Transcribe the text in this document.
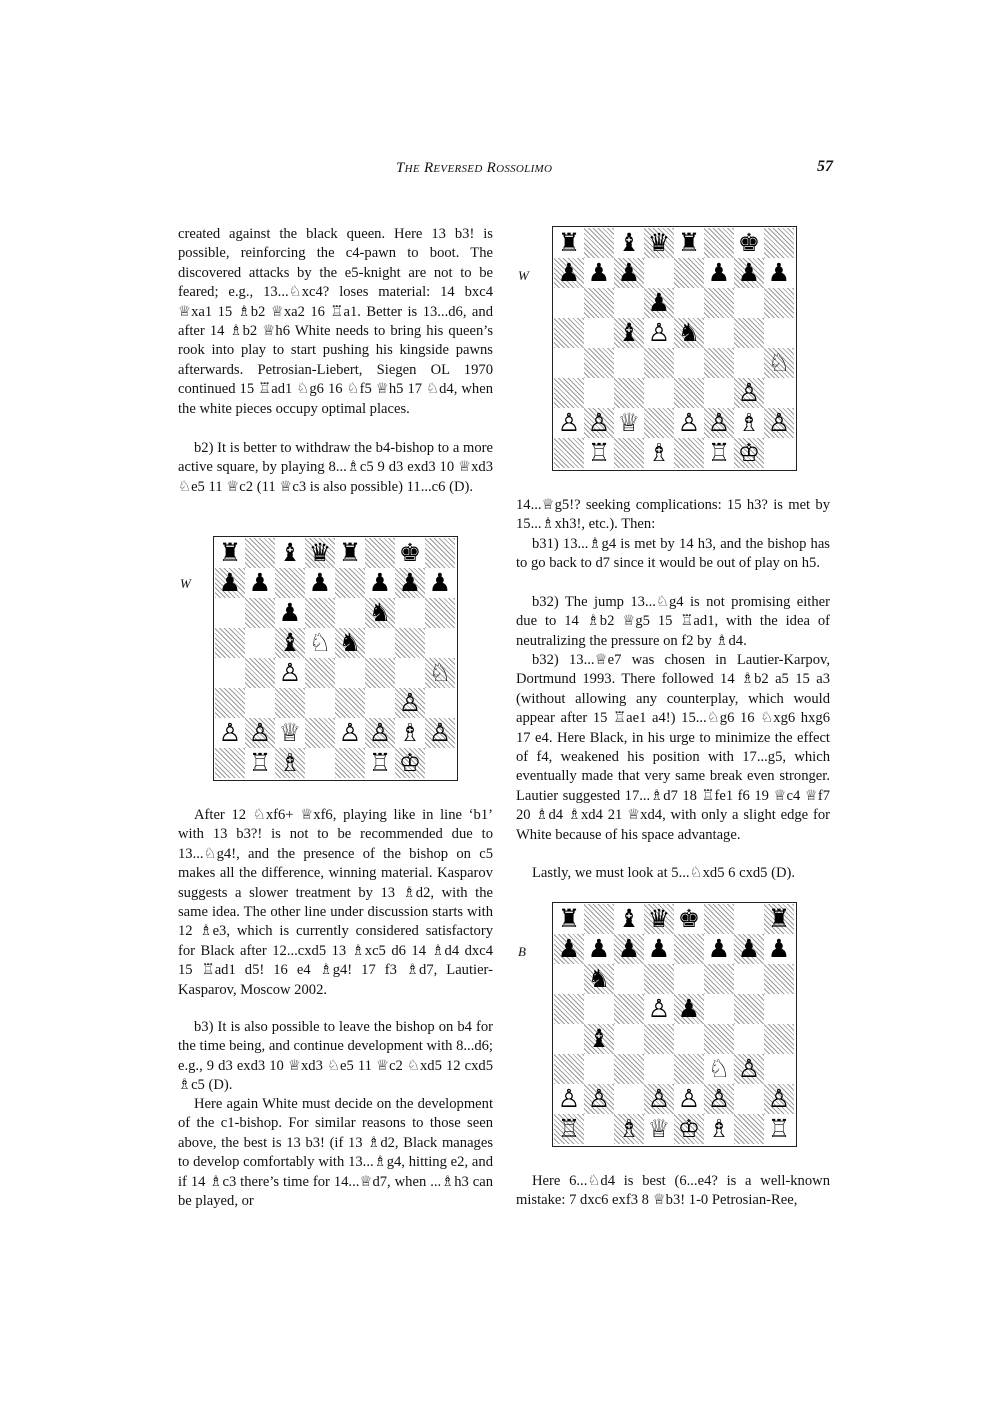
The Reversed Rossolimo	57

created against the black queen. Here 13 b3! is possible, reinforcing the c4-pawn to boot. The discovered attacks by the e5-knight are not to be feared; e.g., 13...♘xc4? loses material: 14 bxc4 ♕xa1 15 ♗b2 ♕xa2 16 ♖a1. Better is 13...d6, and after 14 ♗b2 ♕h6 White needs to bring his queen’s rook into play to start pushing his kingside pawns afterwards. Petrosian-Liebert, Siegen OL 1970 continued 15 ♖ad1 ♘g6 16 ♘f5 ♕h5 17 ♘d4, when the white pieces occupy optimal places.

b2) It is better to withdraw the b4-bishop to a more active square, by playing 8...♗c5 9 d3 exd3 10 ♕xd3 ♘e5 11 ♕c2 (11 ♕c3 is also possible) 11...c6 (D).

W
♜ ♝ ♛ ♜ ♚
♟ ♟ ♟ ♟ ♟ ♟
♟	♞
♝ ♘ ♞
♙	♘
♙
♙ ♙ ♕ ♙ ♙ ♗ ♙
♖ ♗	♖ ♔

After 12 ♘xf6+ ♕xf6, playing like in line ‘b1’ with 13 b3?! is not to be recommended due to 13...♘g4!, and the presence of the bishop on c5 makes all the difference, winning material. Kasparov suggests a slower treatment by 13 ♗d2, with the same idea. The other line under discussion starts with 12 ♗e3, which is currently considered satisfactory for Black after 12...cxd5 13 ♗xc5 d6 14 ♗d4 dxc4 15 ♖ad1 d5! 16 e4 ♗g4! 17 f3 ♗d7, Lautier-Kasparov, Moscow 2002.

b3) It is also possible to leave the bishop on b4 for the time being, and continue development with 8...d6; e.g., 9 d3 exd3 10 ♕xd3 ♘e5 11 ♕c2 ♘xd5 12 cxd5 ♗c5 (D).

Here again White must decide on the development of the c1-bishop. For similar reasons to those seen above, the best is 13 b3! (if 13 ♗d2, Black manages to develop comfortably with 13...♗g4, hitting e2, and if 14 ♗c3 there’s time for 14...♕d7, when ...♗h3 can be played, or

W
♜ ♝ ♛ ♜ ♚
♟ ♟ ♟	♟ ♟ ♟
♟
♝ ♙ ♞
♘
♙
♙ ♙ ♕ ♙ ♙ ♗ ♙
♖ ♗ ♖ ♔

14...♕g5!? seeking complications: 15 h3? is met by 15...♗xh3!, etc.). Then:

b31) 13...♗g4 is met by 14 h3, and the bishop has to go back to d7 since it would be out of play on h5.

b32) The jump 13...♘g4 is not promising either due to 14 ♗b2 ♕g5 15 ♖ad1, with the idea of neutralizing the pressure on f2 by ♗d4.

b32) 13...♕e7 was chosen in Lautier-Karpov, Dortmund 1993. There followed 14 ♗b2 a5 15 a3 (without allowing any counterplay, which would appear after 15 ♖ae1 a4!) 15...♘g6 16 ♘xg6 hxg6 17 e4. Here Black, in his urge to minimize the effect of f4, weakened his position with 17...g5, which eventually made that very same break even stronger. Lautier suggested 17...♗d7 18 ♖fe1 f6 19 ♕c4 ♕f7 20 ♗d4 ♗xd4 21 ♕xd4, with only a slight edge for White because of his space advantage.

Lastly, we must look at 5...♘xd5 6 cxd5 (D).

B
♜ ♝ ♛ ♚	♜
♟ ♟ ♟ ♟ ♟ ♟ ♟
♞
♙ ♟
♝
♘ ♙
♙ ♙ ♙ ♙ ♙ ♙
♖ ♗ ♕ ♔ ♗ ♖

Here 6...♘d4 is best (6...e4? is a well-known mistake: 7 dxc6 exf3 8 ♕b3! 1-0 Petrosian-Ree,
